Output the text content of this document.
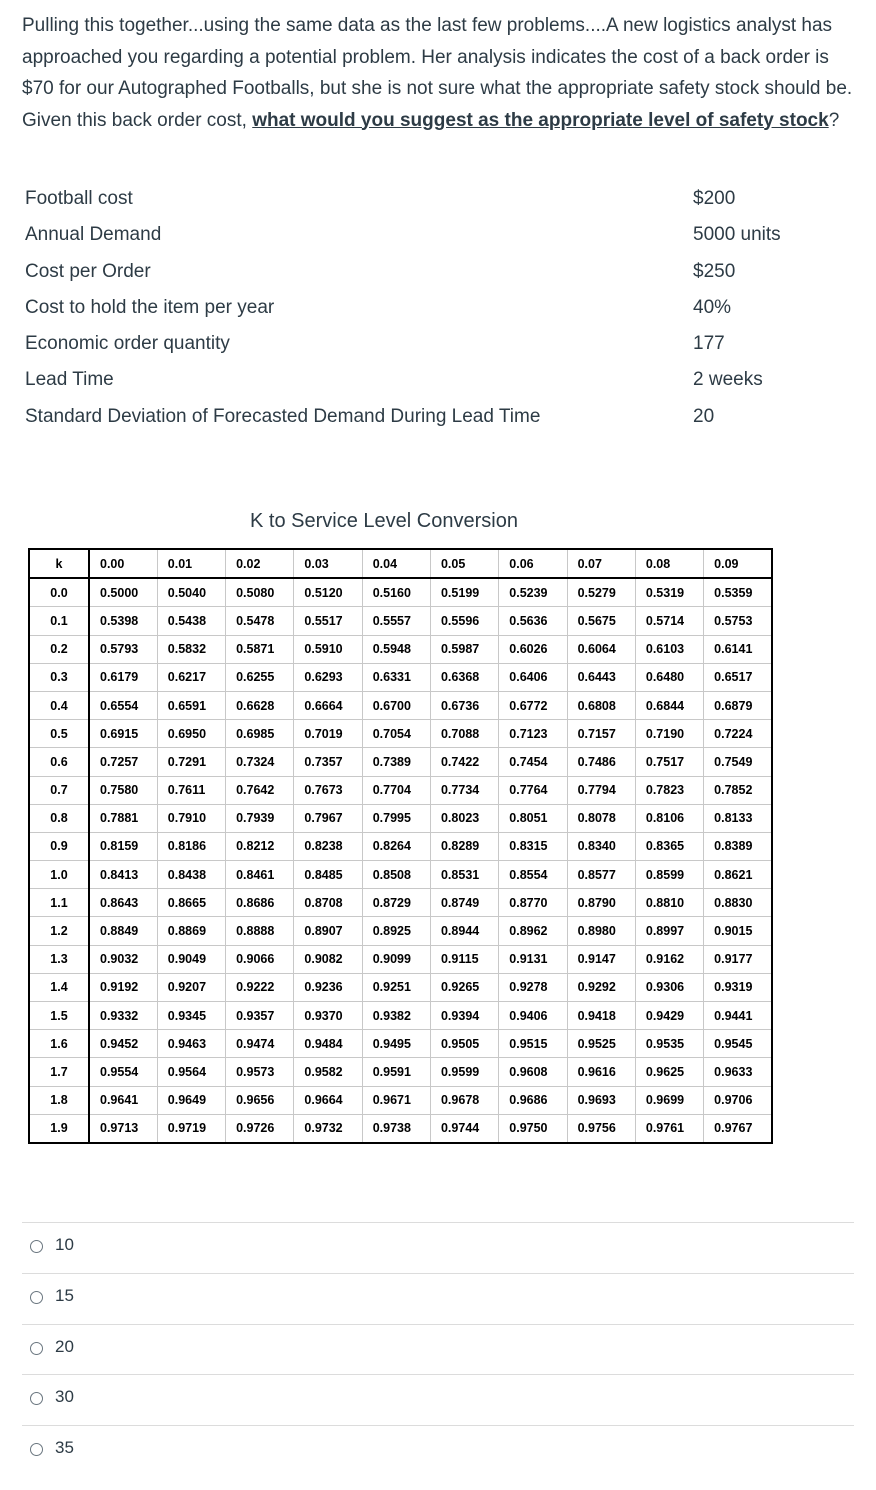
Pulling this together...using the same data as the last few problems....A new logistics analyst has approached you regarding a potential problem. Her analysis indicates the cost of a back order is $70 for our Autographed Footballs, but she is not sure what the appropriate safety stock should be. Given this back order cost, what would you suggest as the appropriate level of safety stock?
Football cost	$200
Annual Demand	5000 units
Cost per Order	$250
Cost to hold the item per year	40%
Economic order quantity	177
Lead Time	2 weeks
Standard Deviation of Forecasted Demand During Lead Time	20
K to Service Level Conversion
k	0.00	0.01	0.02	0.03	0.04	0.05	0.06	0.07	0.08	0.09
0.0	0.5000	0.5040	0.5080	0.5120	0.5160	0.5199	0.5239	0.5279	0.5319	0.5359
0.1	0.5398	0.5438	0.5478	0.5517	0.5557	0.5596	0.5636	0.5675	0.5714	0.5753
0.2	0.5793	0.5832	0.5871	0.5910	0.5948	0.5987	0.6026	0.6064	0.6103	0.6141
0.3	0.6179	0.6217	0.6255	0.6293	0.6331	0.6368	0.6406	0.6443	0.6480	0.6517
0.4	0.6554	0.6591	0.6628	0.6664	0.6700	0.6736	0.6772	0.6808	0.6844	0.6879
0.5	0.6915	0.6950	0.6985	0.7019	0.7054	0.7088	0.7123	0.7157	0.7190	0.7224
0.6	0.7257	0.7291	0.7324	0.7357	0.7389	0.7422	0.7454	0.7486	0.7517	0.7549
0.7	0.7580	0.7611	0.7642	0.7673	0.7704	0.7734	0.7764	0.7794	0.7823	0.7852
0.8	0.7881	0.7910	0.7939	0.7967	0.7995	0.8023	0.8051	0.8078	0.8106	0.8133
0.9	0.8159	0.8186	0.8212	0.8238	0.8264	0.8289	0.8315	0.8340	0.8365	0.8389
1.0	0.8413	0.8438	0.8461	0.8485	0.8508	0.8531	0.8554	0.8577	0.8599	0.8621
1.1	0.8643	0.8665	0.8686	0.8708	0.8729	0.8749	0.8770	0.8790	0.8810	0.8830
1.2	0.8849	0.8869	0.8888	0.8907	0.8925	0.8944	0.8962	0.8980	0.8997	0.9015
1.3	0.9032	0.9049	0.9066	0.9082	0.9099	0.9115	0.9131	0.9147	0.9162	0.9177
1.4	0.9192	0.9207	0.9222	0.9236	0.9251	0.9265	0.9278	0.9292	0.9306	0.9319
1.5	0.9332	0.9345	0.9357	0.9370	0.9382	0.9394	0.9406	0.9418	0.9429	0.9441
1.6	0.9452	0.9463	0.9474	0.9484	0.9495	0.9505	0.9515	0.9525	0.9535	0.9545
1.7	0.9554	0.9564	0.9573	0.9582	0.9591	0.9599	0.9608	0.9616	0.9625	0.9633
1.8	0.9641	0.9649	0.9656	0.9664	0.9671	0.9678	0.9686	0.9693	0.9699	0.9706
1.9	0.9713	0.9719	0.9726	0.9732	0.9738	0.9744	0.9750	0.9756	0.9761	0.9767
10
15
20
30
35
